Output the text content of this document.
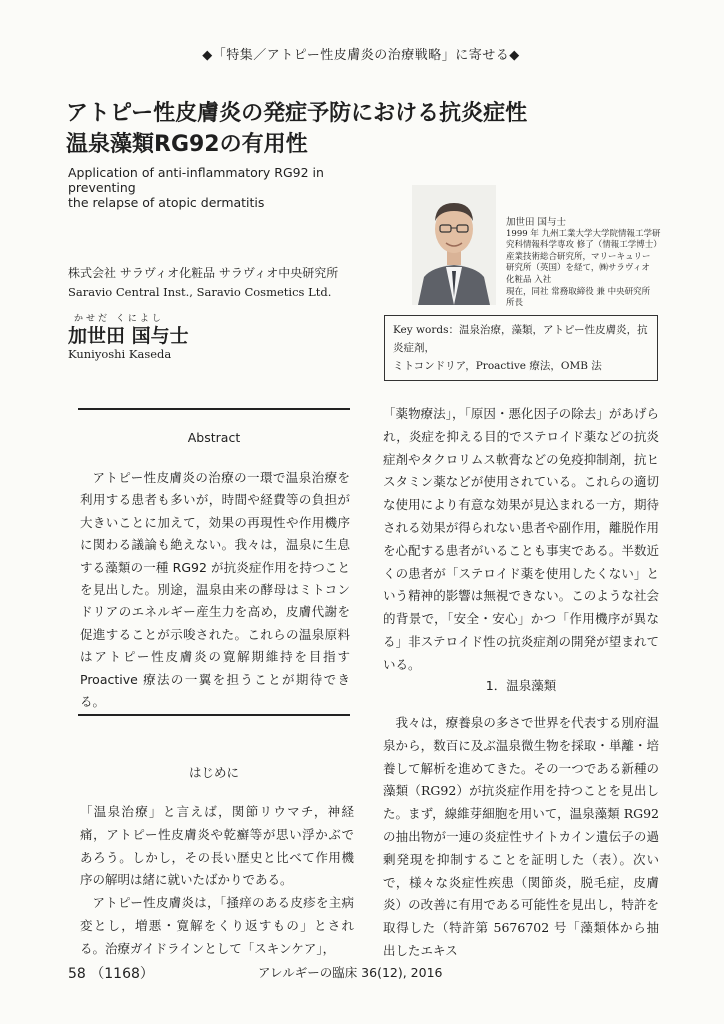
◆「特集／アトピー性皮膚炎の治療戦略」に寄せる◆
アトピー性皮膚炎の発症予防における抗炎症性
温泉藻類RG92の有用性
Application of anti-inflammatory RG92 in preventing
the relapse of atopic dermatitis
株式会社 サラヴィオ化粧品 サラヴィオ中央研究所
Saravio Central Inst., Saravio Cosmetics Ltd.
かせだ くによし
加世田 国与士
Kuniyoshi Kaseda
加世田 国与士
1999 年 九州工業大学大学院情報工学研
究科情報科学専攻 修了（情報工学博士）
産業技術総合研究所，マリーキュリー
研究所（英国）を経て，㈱サラヴィオ
化粧品 入社
現在，同社 常務取締役 兼 中央研究所
所長
Key words：温泉治療，藻類，アトピー性皮膚炎，抗炎症剤，
ミトコンドリア，Proactive 療法，OMB 法
Abstract
アトピー性皮膚炎の治療の一環で温泉治療を利用する患者も多いが，時間や経費等の負担が大きいことに加えて，効果の再現性や作用機序に関わる議論も絶えない。我々は，温泉に生息する藻類の一種 RG92 が抗炎症作用を持つことを見出した。別途，温泉由来の酵母はミトコンドリアのエネルギー産生力を高め，皮膚代謝を促進することが示唆された。これらの温泉原料はアトピー性皮膚炎の寛解期維持を目指す Proactive 療法の一翼を担うことが期待できる。
はじめに
「温泉治療」と言えば，関節リウマチ，神経痛，アトピー性皮膚炎や乾癬等が思い浮かぶであろう。しかし，その長い歴史と比べて作用機序の解明は緒に就いたばかりである。
アトピー性皮膚炎は，「掻痒のある皮疹を主病変とし，増悪・寛解をくり返すもの」とされる。治療ガイドラインとして「スキンケア」，
「薬物療法」，「原因・悪化因子の除去」があげられ，炎症を抑える目的でステロイド薬などの抗炎症剤やタクロリムス軟膏などの免疫抑制剤，抗ヒスタミン薬などが使用されている。これらの適切な使用により有意な効果が見込まれる一方，期待される効果が得られない患者や副作用，離脱作用を心配する患者がいることも事実である。半数近くの患者が「ステロイド薬を使用したくない」という精神的影響は無視できない。このような社会的背景で，「安全・安心」かつ「作用機序が異なる」非ステロイド性の抗炎症剤の開発が望まれている。
1．温泉藻類
我々は，療養泉の多さで世界を代表する別府温泉から，数百に及ぶ温泉微生物を採取・単離・培養して解析を進めてきた。その一つである新種の藻類（RG92）が抗炎症作用を持つことを見出した。まず，線維芽細胞を用いて，温泉藻類 RG92 の抽出物が一連の炎症性サイトカイン遺伝子の過剰発現を抑制することを証明した（表）。次いで，様々な炎症性疾患（関節炎，脱毛症，皮膚炎）の改善に有用である可能性を見出し，特許を取得した（特許第 5676702 号「藻類体から抽出したエキス
58 （1168）	アレルギーの臨床 36(12), 2016
